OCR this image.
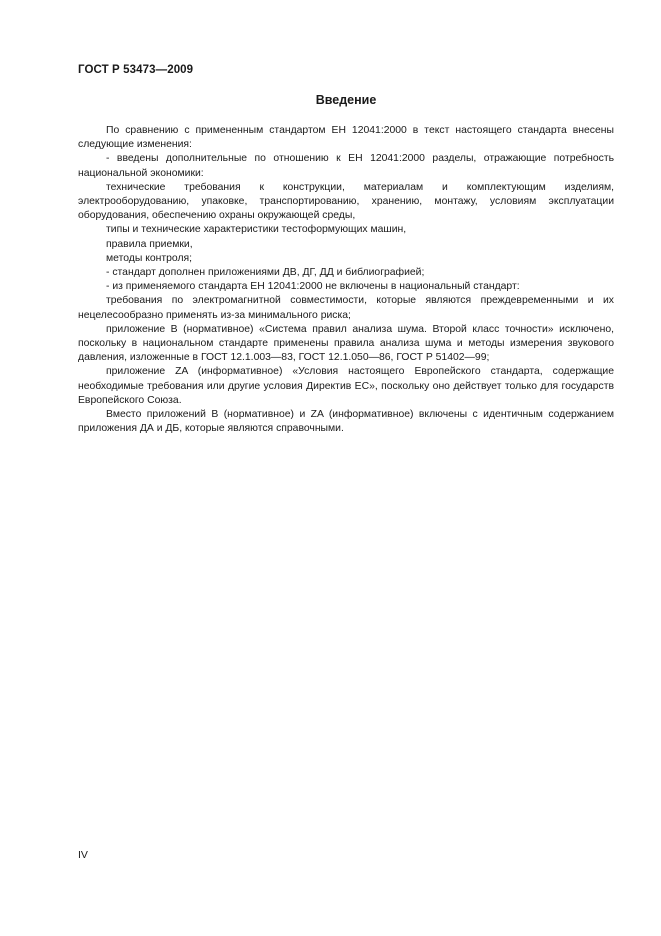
ГОСТ Р 53473—2009
Введение

По сравнению с примененным стандартом ЕН 12041:2000 в текст настоящего стандарта внесены следующие изменения:

- введены дополнительные по отношению к ЕН 12041:2000 разделы, отражающие потребность национальной экономики:

технические требования к конструкции, материалам и комплектующим изделиям, электрооборудованию, упаковке, транспортированию, хранению, монтажу, условиям эксплуатации оборудования, обеспечению охраны окружающей среды,

типы и технические характеристики тестоформующих машин,

правила приемки,

методы контроля;

- стандарт дополнен приложениями ДВ, ДГ, ДД и библиографией;

- из применяемого стандарта ЕН 12041:2000 не включены в национальный стандарт:

требования по электромагнитной совместимости, которые являются преждевременными и их нецелесообразно применять из-за минимального риска;

приложение В (нормативное) «Система правил анализа шума. Второй класс точности» исключено, поскольку в национальном стандарте применены правила анализа шума и методы измерения звукового давления, изложенные в ГОСТ 12.1.003—83, ГОСТ 12.1.050—86, ГОСТ Р 51402—99;

приложение ZA (информативное) «Условия настоящего Европейского стандарта, содержащие необходимые требования или другие условия Директив ЕС», поскольку оно действует только для государств Европейского Союза.

Вместо приложений В (нормативное) и ZA (информативное) включены с идентичным содержанием приложения ДА и ДБ, которые являются справочными.

IV
